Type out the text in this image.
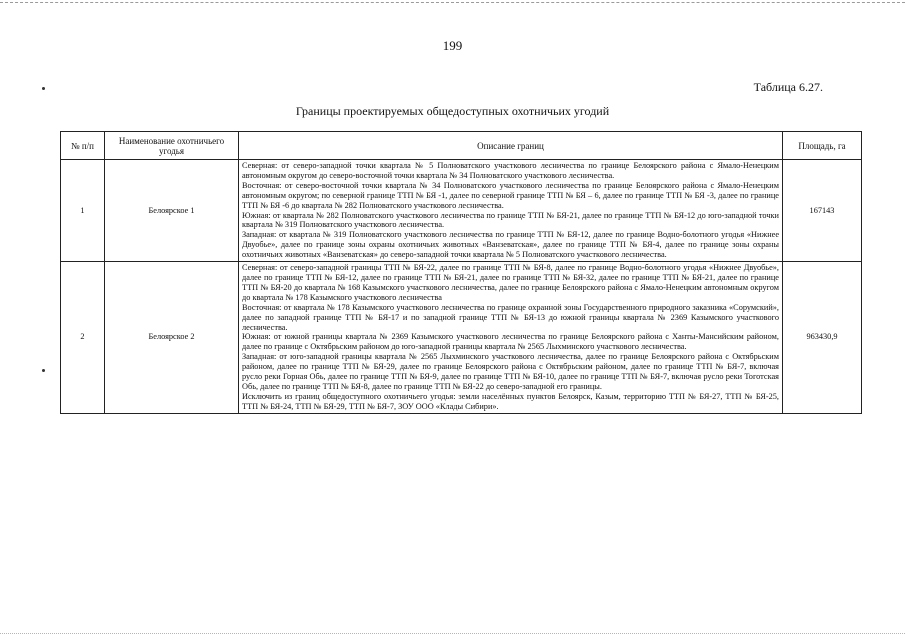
199
Таблица 6.27.
Границы проектируемых общедоступных охотничьих угодий
№ п/п	Наименование охотничьего угодья	Описание границ	Площадь, га
1	Белоярское 1	Северная: от северо-западной точки квартала № 5 Полноватского участкового лесничества по границе Белоярского района с Ямало-Ненецким автономным округом до северо-восточной точки квартала № 34 Полноватского участкового лесничества.
Восточная: от северо-восточной точки квартала № 34 Полноватского участкового лесничества по границе Белоярского района с Ямало-Ненецким автономным округом; по северной границе ТТП № БЯ -1, далее по северной границе ТТП № БЯ – 6, далее по границе ТТП № БЯ -3, далее по границе ТТП № БЯ -6 до квартала № 282 Полноватского участкового лесничества.
Южная: от квартала № 282 Полноватского участкового лесничества по границе ТТП № БЯ-21, далее по границе ТТП № БЯ-12 до юго-западной точки квартала № 319 Полноватского участкового лесничества.
Западная: от квартала № 319 Полноватского участкового лесничества по границе ТТП № БЯ-12, далее по границе Водно-болотного угодья «Нижнее Двуобье», далее по границе зоны охраны охотничьих животных «Ванзеватская», далее по границе ТТП № БЯ-4, далее по границе зоны охраны охотничьих животных «Ванзеватская» до северо-западной точки квартала № 5 Полноватского участкового лесничества.	167143
2	Белоярское 2	Северная: от северо-западной границы ТТП № БЯ-22, далее по границе ТТП № БЯ-8, далее по границе Водно-болотного угодья «Нижнее Двуобье», далее по границе ТТП № БЯ-12, далее по границе ТТП № БЯ-21, далее по границе ТТП № БЯ-32, далее по границе ТТП № БЯ-21, далее по границе ТТП № БЯ-20 до квартала № 168 Казымского участкового лесничества, далее по границе Белоярского района с Ямало-Ненецким автономным округом до квартала № 178 Казымского участкового лесничества
Восточная: от квартала № 178 Казымского участкового лесничества по границе охранной зоны Государственного природного заказника «Сорумский», далее по западной границе ТТП № БЯ-17 и по западной границе ТТП № БЯ-13 до южной границы квартала № 2369 Казымского участкового лесничества.
Южная: от южной границы квартала № 2369 Казымского участкового лесничества по границе Белоярского района с Ханты-Мансийским районом, далее по границе с Октябрьским районом до юго-западной границы квартала № 2565 Лыхминского участкового лесничества.
Западная: от юго-западной границы квартала № 2565 Лыхминского участкового лесничества, далее по границе Белоярского района с Октябрьским районом, далее по границе ТТП № БЯ-29, далее по границе Белоярского района с Октябрьским районом, далее по границе ТТП № БЯ-7, включая русло реки Горная Обь, далее по границе ТТП № БЯ-9, далее по границе ТТП № БЯ-10, далее по границе ТТП № БЯ-7, включая русло реки Тоготская Обь, далее по границе ТТП № БЯ-8, далее по границе ТТП № БЯ-22 до северо-западной его границы.
Исключить из границ общедоступного охотничьего угодья: земли населённых пунктов Белоярск, Казым, территорию ТТП № БЯ-27, ТТП № БЯ-25, ТТП № БЯ-24, ТТП № БЯ-29, ТТП № БЯ-7, ЗОУ ООО «Клады Сибири».	963430,9
